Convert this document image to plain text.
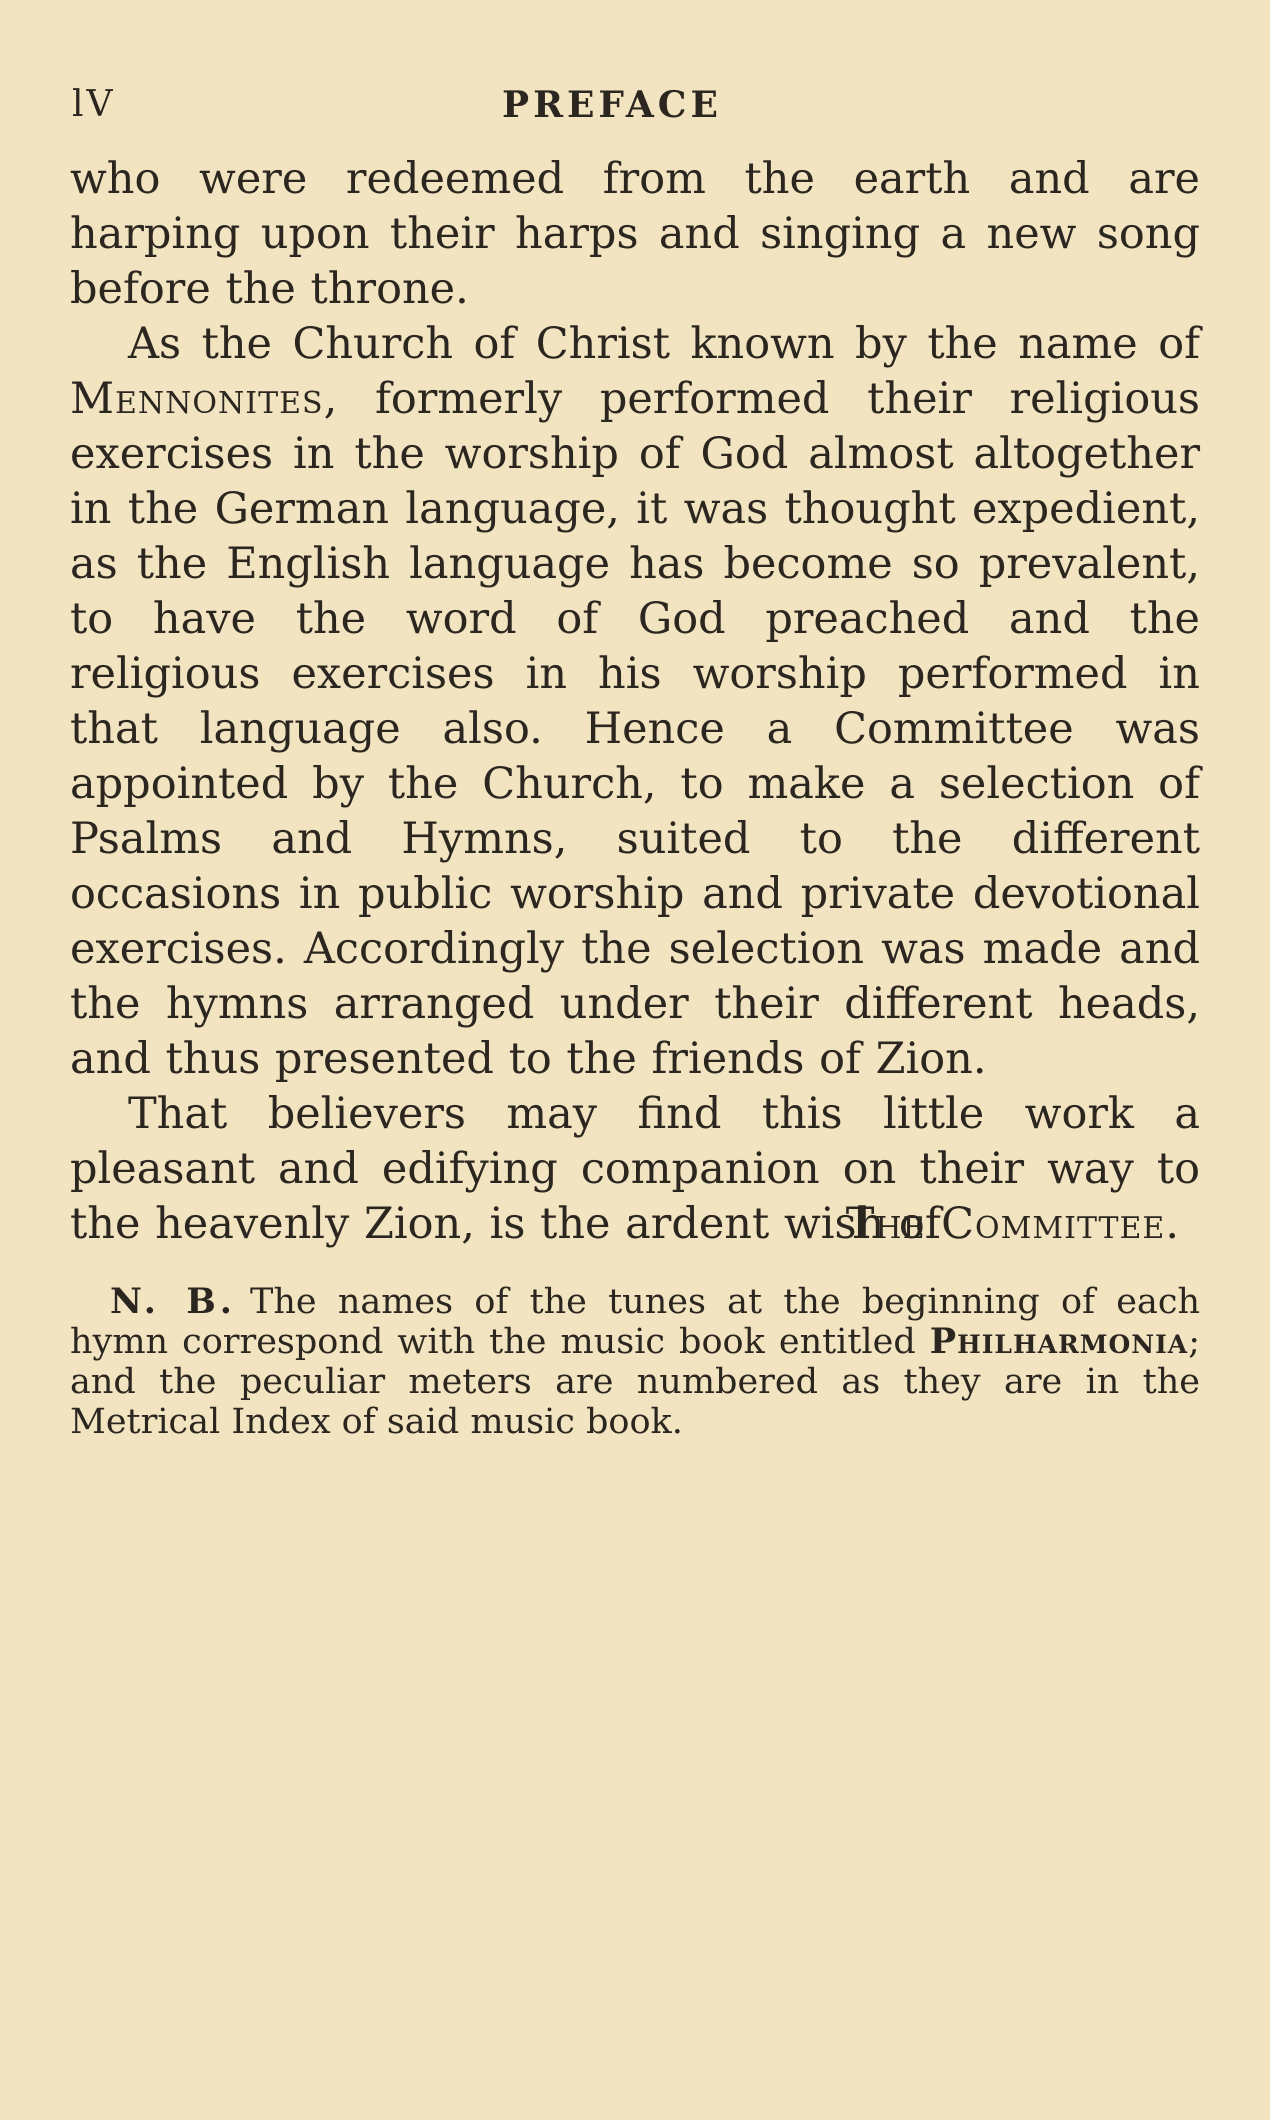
lV	PREFACE

who were redeemed from the earth and are harping upon their harps and singing a new song before the throne.

As the Church of Christ known by the name of Mennonites, formerly performed their religious exercises in the worship of God almost altogether in the German language, it was thought expedient, as the English language has become so prevalent, to have the word of God preached and the religious exercises in his worship performed in that language also. Hence a Committee was appointed by the Church, to make a selection of Psalms and Hymns, suited to the different occasions in public worship and private devotional exercises. Accordingly the selection was made and the hymns arranged under their different heads, and thus presented to the friends of Zion.

That believers may find this little work a pleasant and edifying companion on their way to the heavenly Zion, is the ardent wish of
The Committee.

N. B. The names of the tunes at the beginning of each hymn correspond with the music book entitled Philharmonia; and the peculiar meters are numbered as they are in the Metrical Index of said music book.
